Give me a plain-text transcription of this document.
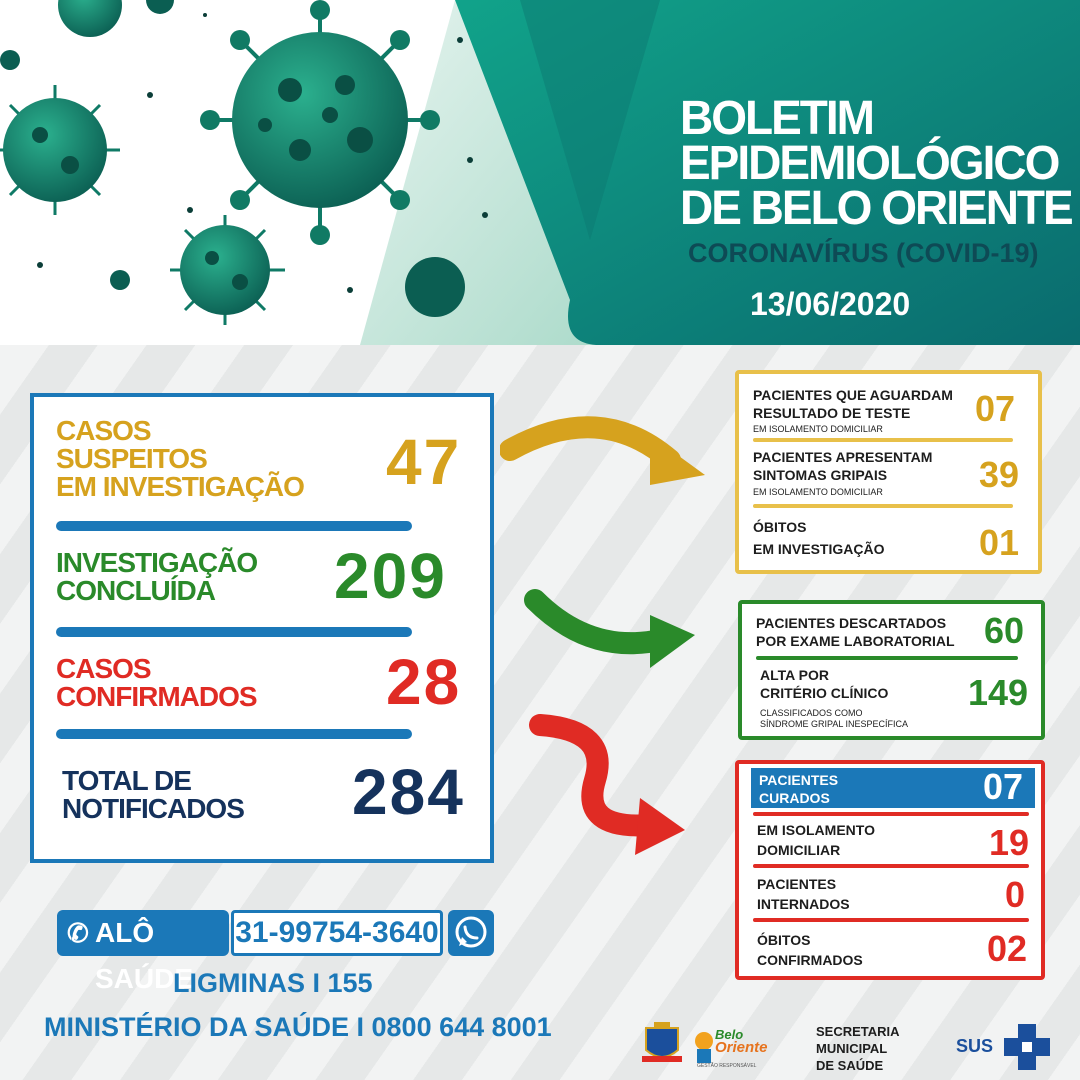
BOLETIM
EPIDEMIOLÓGICO
DE BELO ORIENTE
CORONAVÍRUS (COVID-19)
13/06/2020
CASOS
SUSPEITOS
EM INVESTIGAÇÃO 47
INVESTIGAÇÃO
CONCLUÍDA	209
CASOS
CONFIRMADOS 28
TOTAL DE
NOTIFICADOS 284
PACIENTES QUE AGUARDAM
RESULTADO DE TESTE
EM ISOLAMENTO DOMICILIAR	07
PACIENTES APRESENTAM
SINTOMAS GRIPAIS
EM ISOLAMENTO DOMICILIAR	39
ÓBITOS
EM INVESTIGAÇÃO	01
PACIENTES DESCARTADOS
POR EXAME LABORATORIAL 60
ALTA POR
CRITÉRIO CLÍNICO
CLASSIFICADOS COMO
SÍNDROME GRIPAL INESPECÍFICA
149
PACIENTES
CURADOS	07
EM ISOLAMENTO
DOMICILIAR	19
PACIENTES
INTERNADOS	0
ÓBITOS
CONFIRMADOS	02
✆ ALÔ SAÚDE
31-99754-3640
LIGMINAS I 155
MINISTÉRIO DA SAÚDE I 0800 644 8001	Belo
Oriente
GESTÃO RESPONSÁVEL
SECRETARIA
MUNICIPAL
DE SAÚDE
SUS
